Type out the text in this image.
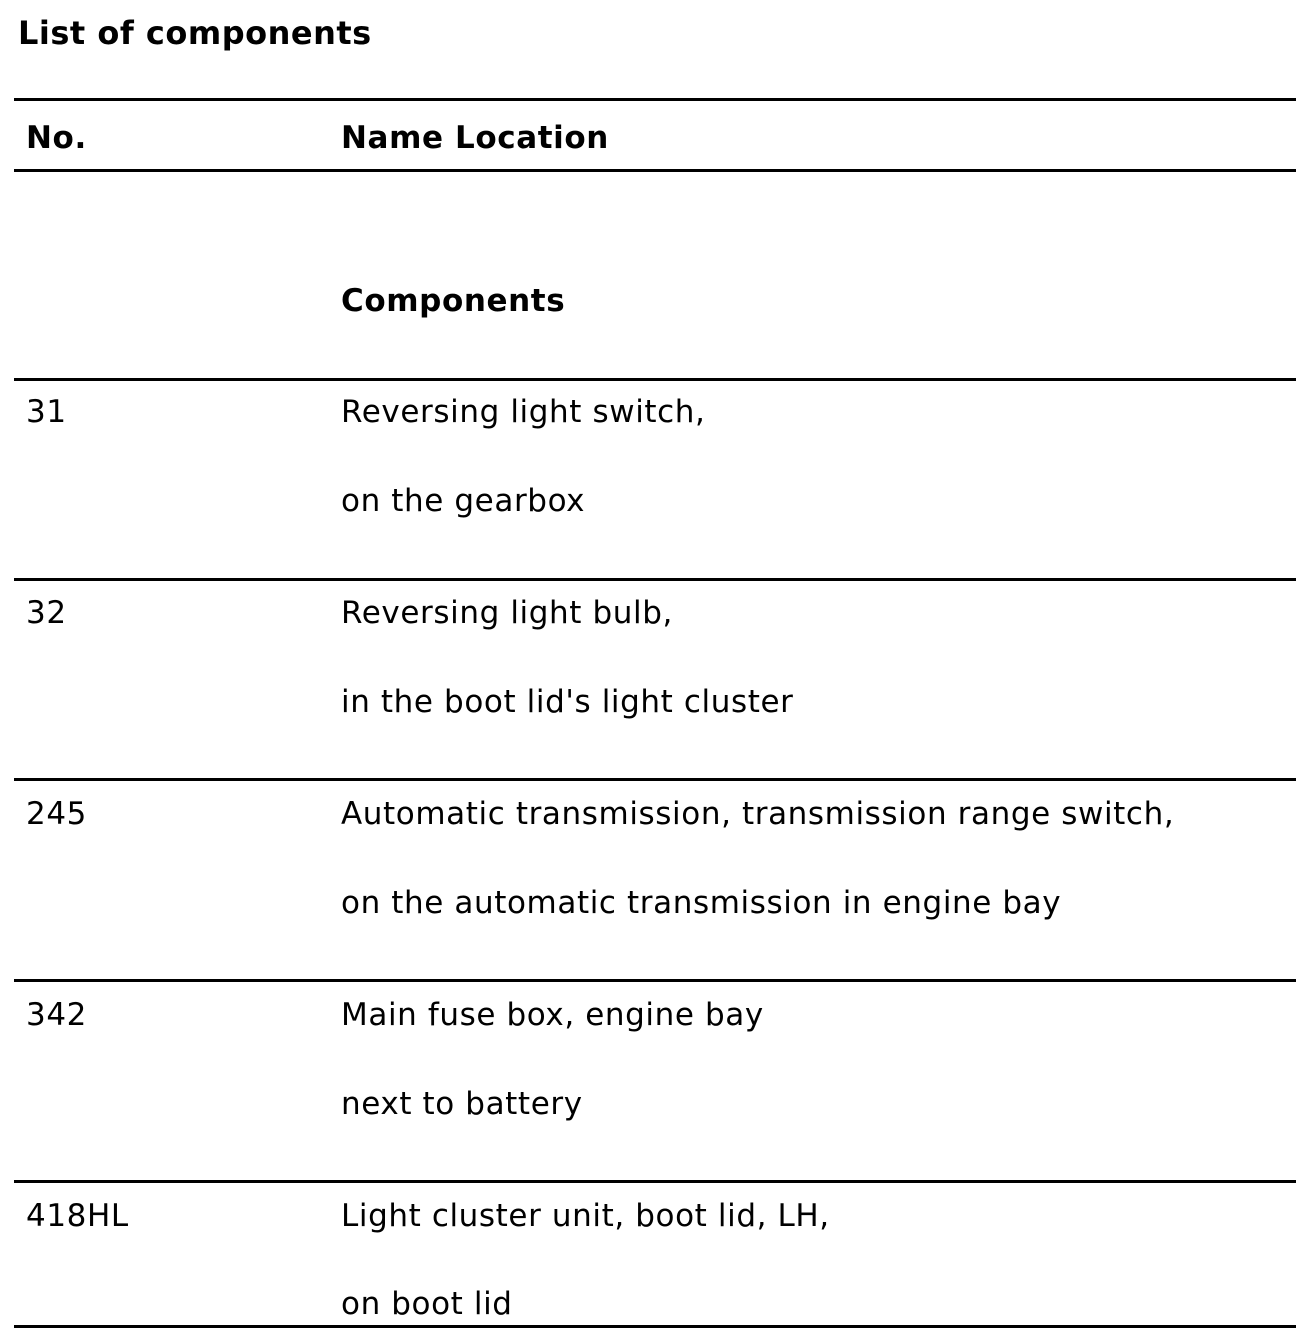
List of components
No.	Name Location
Components
31	Reversing light switch,
on the gearbox
32	Reversing light bulb,
in the boot lid's light cluster
245	Automatic transmission, transmission range switch,
on the automatic transmission in engine bay
342	Main fuse box, engine bay
next to battery
418HL	Light cluster unit, boot lid, LH,
on boot lid
